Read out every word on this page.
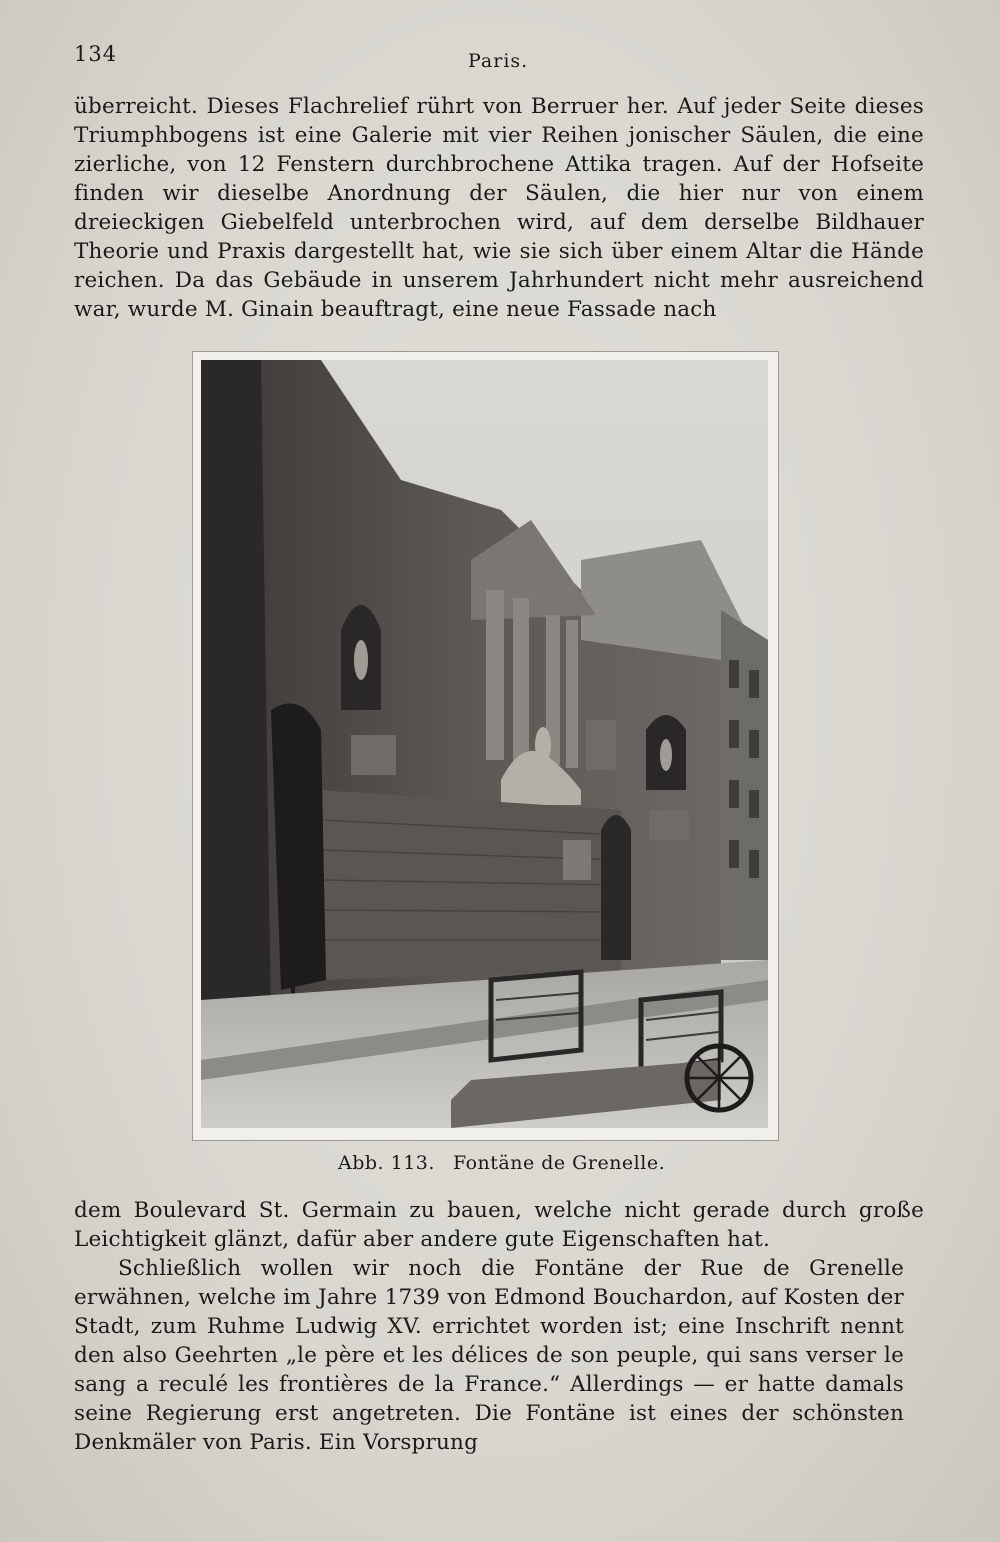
134	Paris.
überreicht. Dieses Flachrelief rührt von Berruer her. Auf jeder Seite dieses Triumphbogens ist eine Galerie mit vier Reihen jonischer Säulen, die eine zierliche, von 12 Fenstern durchbrochene Attika tragen. Auf der Hofseite finden wir dieselbe Anordnung der Säulen, die hier nur von einem dreieckigen Giebelfeld unterbrochen wird, auf dem derselbe Bildhauer Theorie und Praxis dargestellt hat, wie sie sich über einem Altar die Hände reichen. Da das Gebäude in unserem Jahrhundert nicht mehr ausreichend war, wurde M. Ginain beauftragt, eine neue Fassade nach
Abb. 113. Fontäne de Grenelle.
dem Boulevard St. Germain zu bauen, welche nicht gerade durch große Leichtigkeit glänzt, dafür aber andere gute Eigenschaften hat.
Schließlich wollen wir noch die Fontäne der Rue de Grenelle erwähnen, welche im Jahre 1739 von Edmond Bouchardon, auf Kosten der Stadt, zum Ruhme Ludwig XV. errichtet worden ist; eine Inschrift nennt den also Geehrten „le père et les délices de son peuple, qui sans verser le sang a reculé les frontières de la France.“ Allerdings — er hatte damals seine Regierung erst angetreten. Die Fontäne ist eines der schönsten Denkmäler von Paris. Ein Vorsprung
